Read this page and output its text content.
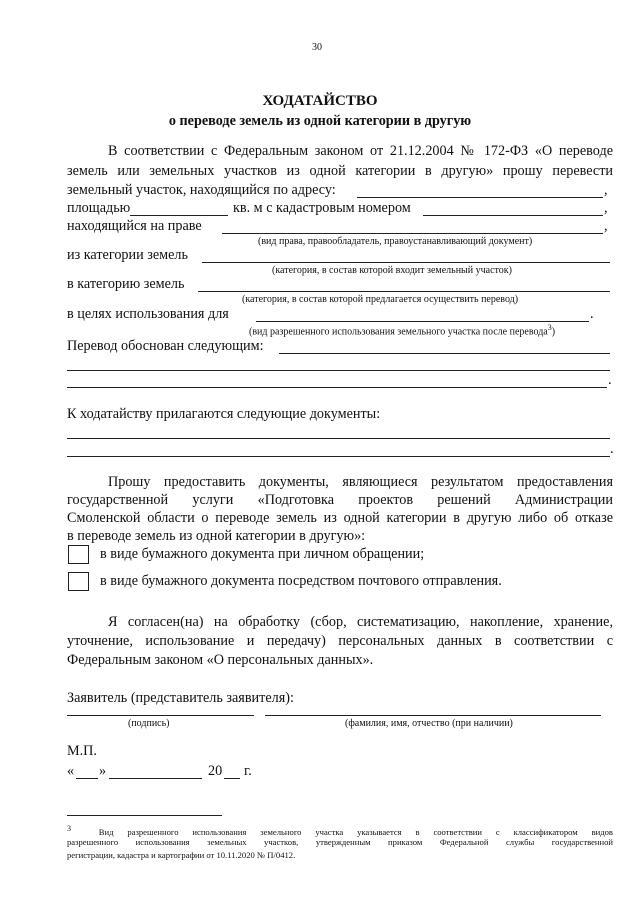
30
ХОДАТАЙСТВО
о переводе земель из одной категории в другую
В соответствии с Федеральным законом от 21.12.2004 № 172-ФЗ «О переводе
земель или земельных участков из одной категории в другую» прошу перевести
земельный участок, находящийся по адресу:	,
площадью	кв. м с кадастровым номером	,
находящийся на праве	,
(вид права, правообладатель, правоустанавливающий документ)
из категории земель
(категория, в состав которой входит земельный участок)
в категорию земель
(категория, в состав которой предлагается осуществить перевод)
в целях использования для	.
(вид разрешенного использования земельного участка после перевода$^3$)
Перевод обоснован следующим:
.
К ходатайству прилагаются следующие документы:
.
Прошу предоставить документы, являющиеся результатом предоставления
государственной услуги «Подготовка проектов решений Администрации
Смоленской области о переводе земель из одной категории в другую либо об отказе
в переводе земель из одной категории в другую»:
в виде бумажного документа при личном обращении;
в виде бумажного документа посредством почтового отправления.
Я согласен(на) на обработку (сбор, систематизацию, накопление, хранение,
уточнение, использование и передачу) персональных данных в соответствии с
Федеральным законом «О персональных данных».
Заявитель (представитель заявителя):
(подпись)	(фамилия, имя, отчество (при наличии)
М.П.
« »	20 г.
$^3$	Вид разрешенного использования земельного участка указывается в соответствии с классификатором видов
разрешенного использования земельных участков, утвержденным приказом Федеральной службы государственной
регистрации, кадастра и картографии от 10.11.2020 № П/0412.
